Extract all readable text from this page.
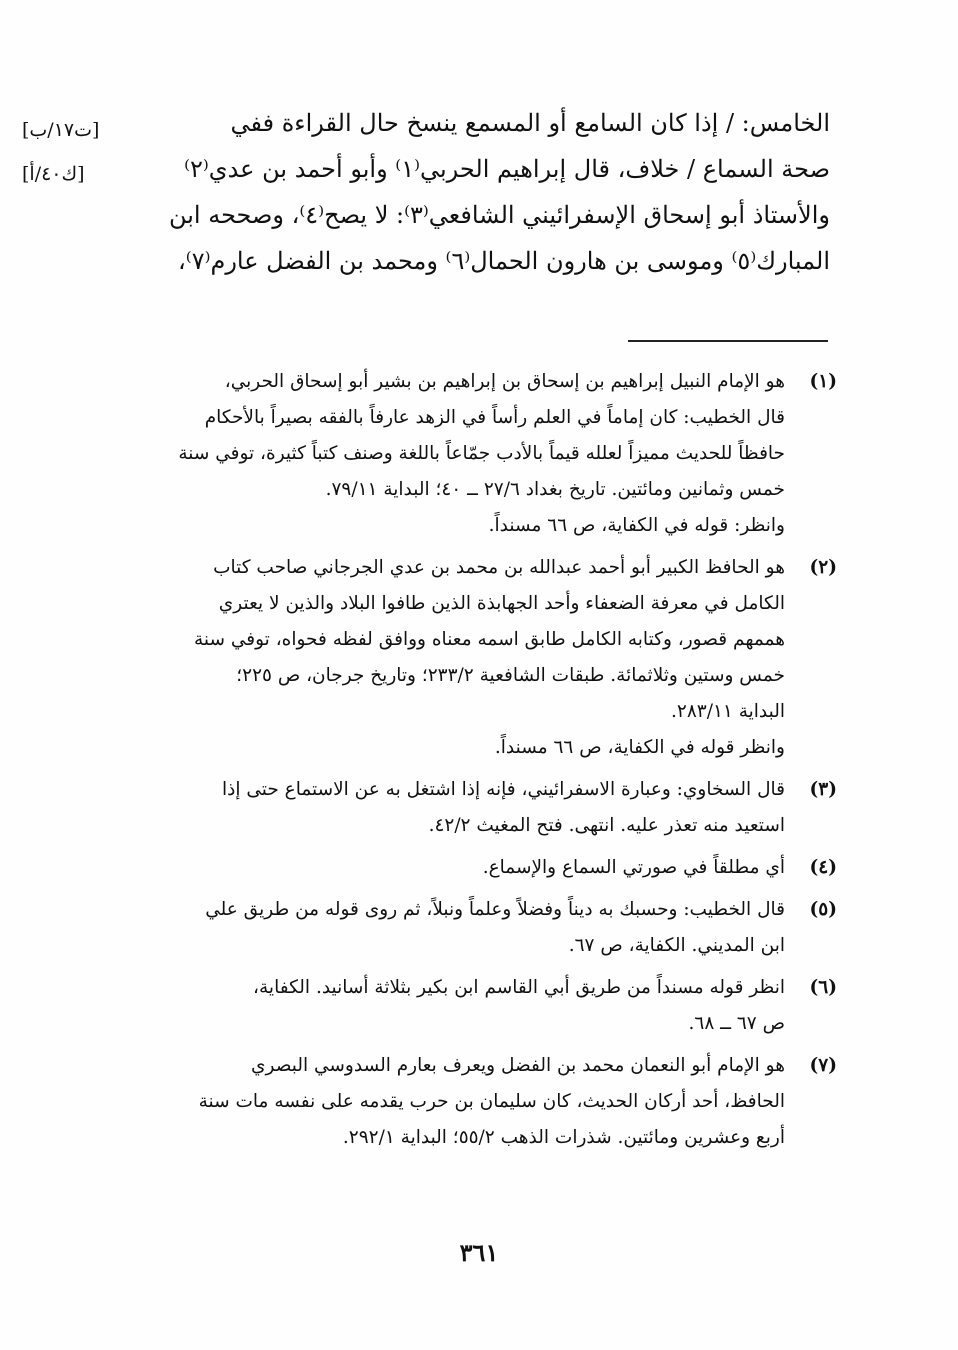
الخامس: / إذا كان السامع أو المسمع ينسخ حال القراءة ففي

صحة السماع / خلاف، قال إبراهيم الحربي⁽١⁾ وأبو أحمد بن عدي⁽٢⁾

والأستاذ أبو إسحاق الإسفرائيني الشافعي⁽٣⁾: لا يصح⁽٤⁾، وصححه ابن

المبارك⁽٥⁾ وموسى بن هارون الحمال⁽٦⁾ ومحمد بن الفضل عارم⁽٧⁾،

[ت١٧/ب]
[ك٤٠/أ]
(١)
هو الإمام النبيل إبراهيم بن إسحاق بن إبراهيم بن بشير أبو إسحاق الحربي،
قال الخطيب: كان إماماً في العلم رأساً في الزهد عارفاً بالفقه بصيراً بالأحكام
حافظاً للحديث مميزاً لعلله قيماً بالأدب جمّاعاً باللغة وصنف كتباً كثيرة، توفي سنة
خمس وثمانين ومائتين. تاريخ بغداد ٢٧/٦ ــ ٤٠؛ البداية ٧٩/١١.
وانظر: قوله في الكفاية، ص ٦٦ مسنداً.
(٢)
هو الحافظ الكبير أبو أحمد عبدالله بن محمد بن عدي الجرجاني صاحب كتاب
الكامل في معرفة الضعفاء وأحد الجهابذة الذين طافوا البلاد والذين لا يعتري
هممهم قصور، وكتابه الكامل طابق اسمه معناه ووافق لفظه فحواه، توفي سنة
خمس وستين وثلاثمائة. طبقات الشافعية ٢٣٣/٢؛ وتاريخ جرجان، ص ٢٢٥؛
البداية ٢٨٣/١١.
وانظر قوله في الكفاية، ص ٦٦ مسنداً.
(٣)
قال السخاوي: وعبارة الاسفرائيني، فإنه إذا اشتغل به عن الاستماع حتى إذا
استعيد منه تعذر عليه. انتهى. فتح المغيث ٤٢/٢.
(٤)
أي مطلقاً في صورتي السماع والإسماع.
(٥)
قال الخطيب: وحسبك به ديناً وفضلاً وعلماً ونبلاً، ثم روى قوله من طريق علي
ابن المديني. الكفاية، ص ٦٧.
(٦)
انظر قوله مسنداً من طريق أبي القاسم ابن بكير بثلاثة أسانيد. الكفاية،
ص ٦٧ ــ ٦٨.
(٧)
هو الإمام أبو النعمان محمد بن الفضل ويعرف بعارم السدوسي البصري
الحافظ، أحد أركان الحديث، كان سليمان بن حرب يقدمه على نفسه مات سنة
أربع وعشرين ومائتين. شذرات الذهب ٥٥/٢؛ البداية ٢٩٢/١.
٣٦١
